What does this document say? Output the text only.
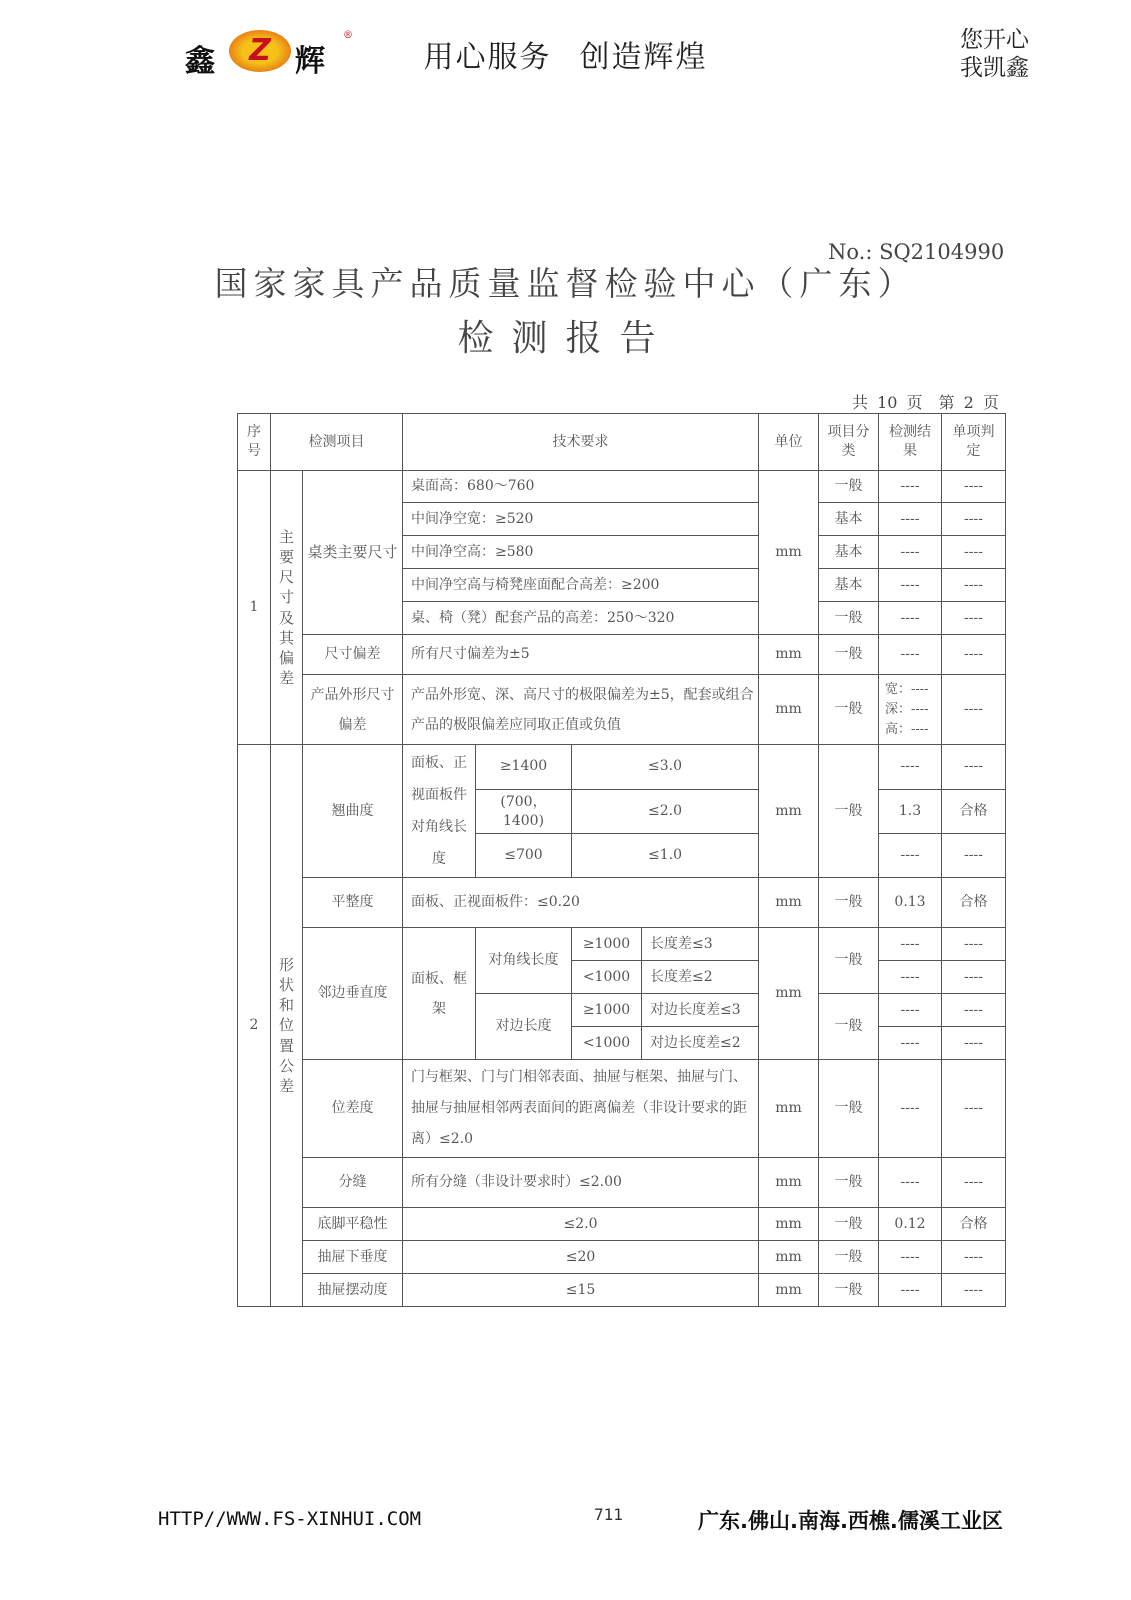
鑫	Z 辉
®
用心服务 创造辉煌	您开心
我凯鑫
No.: SQ2104990
国家家具产品质量监督检验中心（广东）
检测报告
共 10 页　第 2 页
序号	检测项目		技术要求				单位	项目分类	检测结果	单项判定
1	主要尺寸及其偏差	桌类主要尺寸	桌面高：680～760				mm	一般	----	----
			中间净空宽：≥520					基本	----	----
			中间净空高：≥580					基本	----	----
			中间净空高与椅凳座面配合高差：≥200					基本	----	----
			桌、椅（凳）配套产品的高差：250～320					一般	----	----
		尺寸偏差	所有尺寸偏差为±5				mm	一般	----	----
		产品外形尺寸偏差	产品外形宽、深、高尺寸的极限偏差为±5，配套或组合产品的极限偏差应同取正值或负值				mm	一般	宽：----
深：----
高：----	----
2	形状和位置公差	翘曲度	面板、正视面板件对角线长度	≥1400	≤3.0		mm	一般	----	----
				(700，1400)	≤2.0				1.3	合格
				≤700	≤1.0				----	----
		平整度	面板、正视面板件：≤0.20				mm	一般	0.13	合格
		邻边垂直度	面板、框架	对角线长度	≥1000	长度差≤3	mm	一般	----	----
					<1000	长度差≤2			----	----
				对边长度	≥1000	对边长度差≤3		一般	----	----
					<1000	对边长度差≤2			----	----
		位差度	门与框架、门与门相邻表面、抽屉与框架、抽屉与门、抽屉与抽屉相邻两表面间的距离偏差（非设计要求的距离）≤2.0				mm	一般	----	----
		分缝	所有分缝（非设计要求时）≤2.00				mm	一般	----	----
		底脚平稳性	≤2.0				mm	一般	0.12	合格
		抽屉下垂度	≤20				mm	一般	----	----
		抽屉摆动度	≤15				mm	一般	----	----
HTTP//WWW.FS-XINHUI.COM	711	广东.佛山.南海.西樵.儒溪工业区
